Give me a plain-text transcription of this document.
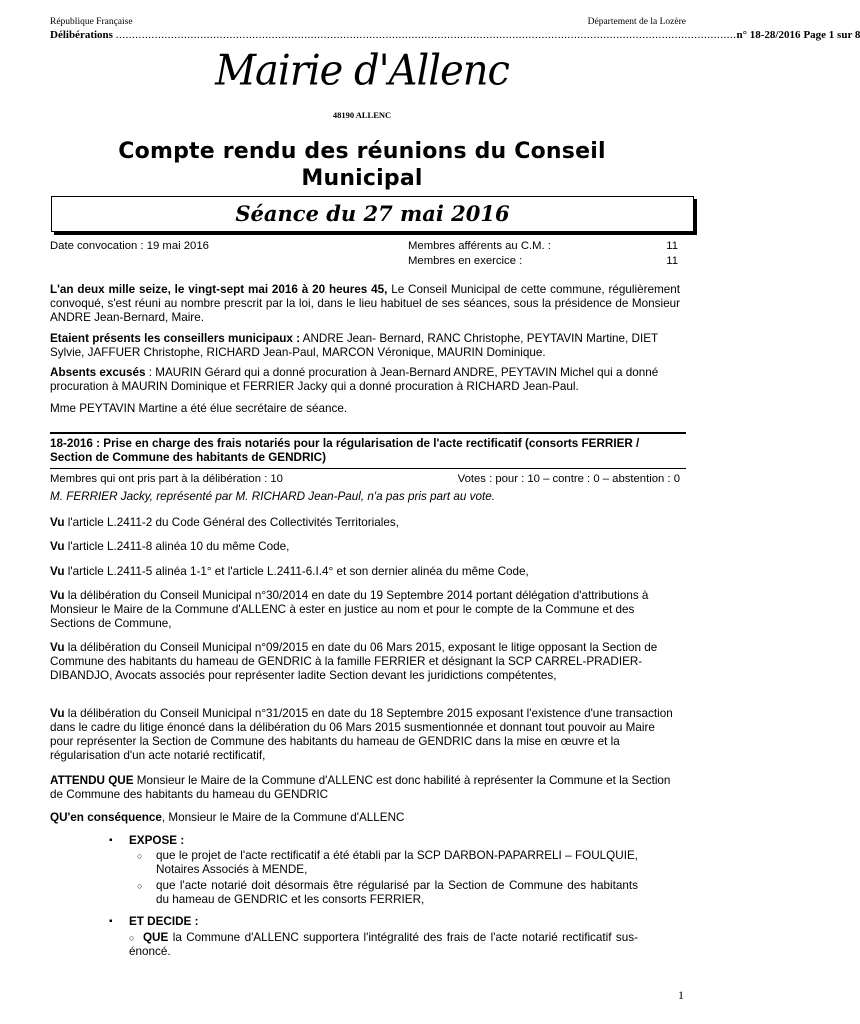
République Française	Département de la Lozère
Délibérations
............................................................................................................................................................................................... n° 18-28/2016 Page 1 sur 8
Mairie d'Allenc
48190 ALLENC
Compte rendu des réunions du Conseil Municipal
Séance du 27 mai 2016
Date convocation : 19 mai 2016	Membres afférents au C.M. :	11
Membres en exercice :	11
L'an deux mille seize, le vingt-sept mai 2016 à 20 heures 45, Le Conseil Municipal de cette commune, régulièrement convoqué, s'est réuni au nombre prescrit par la loi, dans le lieu habituel de ses séances, sous la présidence de Monsieur ANDRE Jean-Bernard, Maire.
Etaient présents les conseillers municipaux : ANDRE Jean- Bernard, RANC Christophe, PEYTAVIN Martine, DIET Sylvie, JAFFUER Christophe, RICHARD Jean-Paul, MARCON Véronique, MAURIN Dominique.
Absents excusés : MAURIN Gérard qui a donné procuration à Jean-Bernard ANDRE, PEYTAVIN Michel qui a donné procuration à MAURIN Dominique et FERRIER Jacky qui a donné procuration à RICHARD Jean-Paul.
Mme PEYTAVIN Martine a été élue secrétaire de séance.
18-2016 : Prise en charge des frais notariés pour la régularisation de l'acte rectificatif (consorts FERRIER / Section de Commune des habitants de GENDRIC)
Membres qui ont pris part à la délibération : 10	Votes : pour : 10 – contre : 0 – abstention : 0
M. FERRIER Jacky, représenté par M. RICHARD Jean-Paul, n'a pas pris part au vote.
Vu l'article L.2411-2 du Code Général des Collectivités Territoriales,
Vu l'article L.2411-8 alinéa 10 du même Code,
Vu l'article L.2411-5 alinéa 1-1° et l'article L.2411-6.I.4° et son dernier alinéa du même Code,
Vu la délibération du Conseil Municipal n°30/2014 en date du 19 Septembre 2014 portant délégation d'attributions à Monsieur le Maire de la Commune d'ALLENC à ester en justice au nom et pour le compte de la Commune et des Sections de Commune,
Vu la délibération du Conseil Municipal n°09/2015 en date du 06 Mars 2015, exposant le litige opposant la Section de Commune des habitants du hameau de GENDRIC à la famille FERRIER et désignant la SCP CARREL-PRADIER-DIBANDJO, Avocats associés pour représenter ladite Section devant les juridictions compétentes,
Vu la délibération du Conseil Municipal n°31/2015 en date du 18 Septembre 2015 exposant l'existence d'une transaction dans le cadre du litige énoncé dans la délibération du 06 Mars 2015 susmentionnée et donnant tout pouvoir au Maire pour représenter la Section de Commune des habitants du hameau de GENDRIC dans la mise en œuvre et la régularisation d'un acte notarié rectificatif,
ATTENDU QUE Monsieur le Maire de la Commune d'ALLENC est donc habilité à représenter la Commune et la Section de Commune des habitants du hameau du GENDRIC
QU'en conséquence, Monsieur le Maire de la Commune d'ALLENC
▪ EXPOSE :
○ que le projet de l'acte rectificatif a été établi par la SCP DARBON-PAPARRELI – FOULQUIE, Notaires Associés à MENDE,
○ que l'acte notarié doit désormais être régularisé par la Section de Commune des habitants du hameau de GENDRIC et les consorts FERRIER,
▪ ET DECIDE :
○  QUE la Commune d'ALLENC supportera l'intégralité des frais de l'acte notarié rectificatif sus-énoncé.
1
